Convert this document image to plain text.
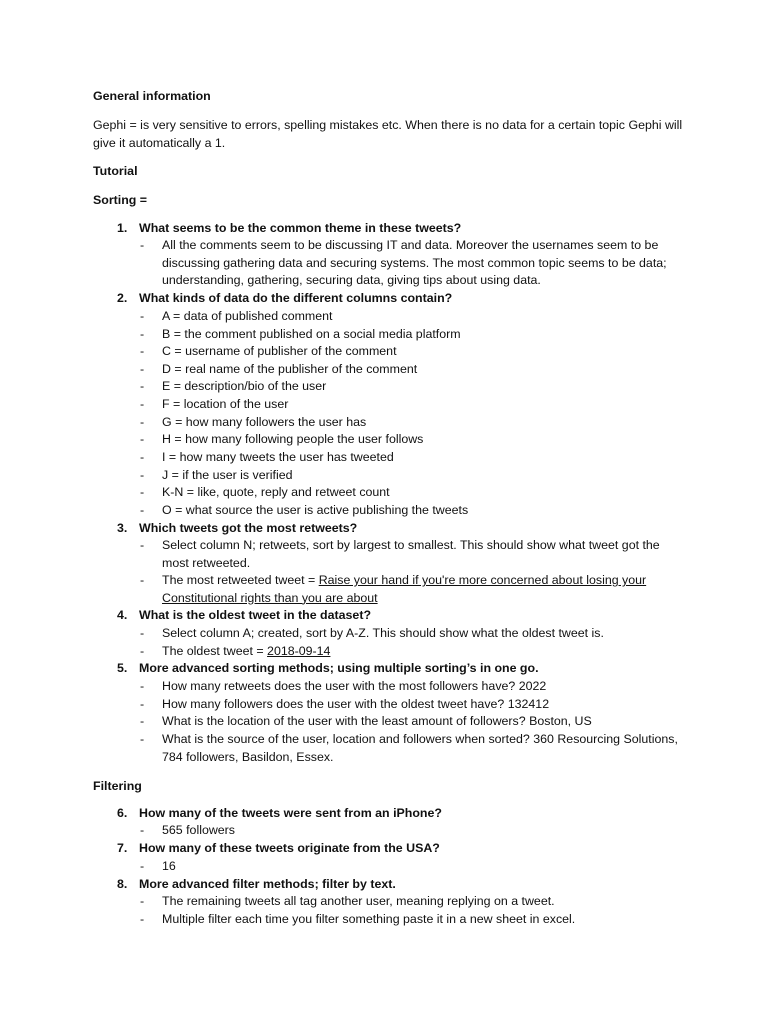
General information
Gephi = is very sensitive to errors, spelling mistakes etc. When there is no data for a certain topic Gephi will give it automatically a 1.
Tutorial
Sorting =
1. What seems to be the common theme in these tweets?
- All the comments seem to be discussing IT and data. Moreover the usernames seem to be discussing gathering data and securing systems. The most common topic seems to be data; understanding, gathering, securing data, giving tips about using data.
2. What kinds of data do the different columns contain?
- A = data of published comment
- B = the comment published on a social media platform
- C = username of publisher of the comment
- D = real name of the publisher of the comment
- E = description/bio of the user
- F = location of the user
- G = how many followers the user has
- H = how many following people the user follows
- I = how many tweets the user has tweeted
- J = if the user is verified
- K-N = like, quote, reply and retweet count
- O = what source the user is active publishing the tweets
3. Which tweets got the most retweets?
- Select column N; retweets, sort by largest to smallest. This should show what tweet got the most retweeted.
- The most retweeted tweet = Raise your hand if you're more concerned about losing your Constitutional rights than you are about
4. What is the oldest tweet in the dataset?
- Select column A; created, sort by A-Z. This should show what the oldest tweet is.
- The oldest tweet = 2018-09-14
5. More advanced sorting methods; using multiple sorting’s in one go.
- How many retweets does the user with the most followers have? 2022
- How many followers does the user with the oldest tweet have? 132412
- What is the location of the user with the least amount of followers? Boston, US
- What is the source of the user, location and followers when sorted? 360 Resourcing Solutions, 784 followers, Basildon, Essex.
Filtering
6. How many of the tweets were sent from an iPhone?
- 565 followers
7. How many of these tweets originate from the USA?
- 16
8. More advanced filter methods; filter by text.
- The remaining tweets all tag another user, meaning replying on a tweet.
- Multiple filter each time you filter something paste it in a new sheet in excel.
